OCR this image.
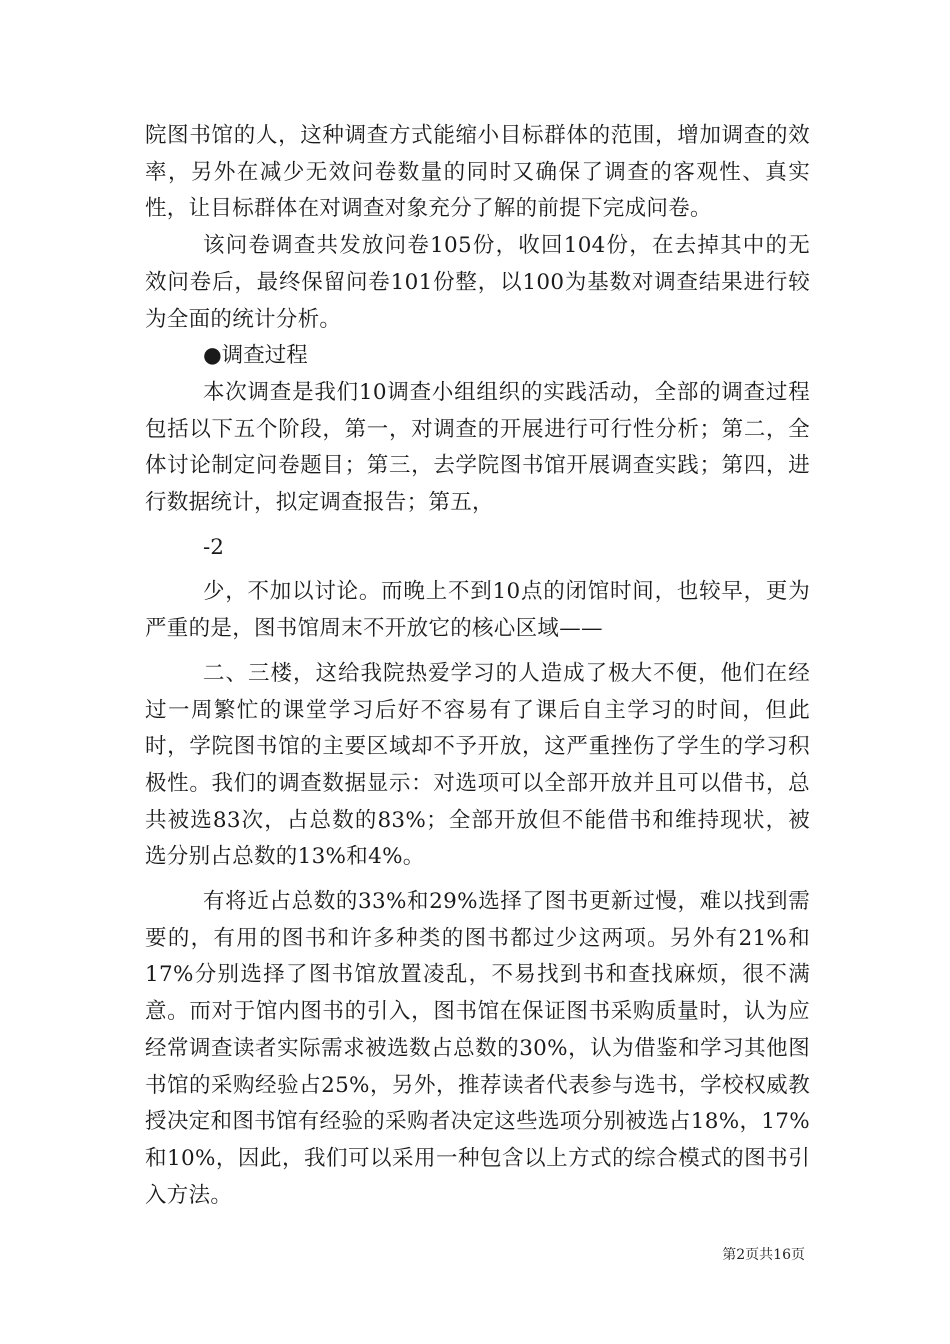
院图书馆的人，这种调查方式能缩小目标群体的范围，增加调查的效率，另外在减少无效问卷数量的同时又确保了调查的客观性、真实性，让目标群体在对调查对象充分了解的前提下完成问卷。

该问卷调查共发放问卷105份，收回104份，在去掉其中的无效问卷后，最终保留问卷101份整，以100为基数对调查结果进行较为全面的统计分析。

●调查过程

本次调查是我们10调查小组组织的实践活动，全部的调查过程包括以下五个阶段，第一，对调查的开展进行可行性分析；第二，全体讨论制定问卷题目；第三，去学院图书馆开展调查实践；第四，进行数据统计，拟定调查报告；第五，

-2

少，不加以讨论。而晚上不到10点的闭馆时间，也较早，更为严重的是，图书馆周末不开放它的核心区域——

二、三楼，这给我院热爱学习的人造成了极大不便，他们在经过一周繁忙的课堂学习后好不容易有了课后自主学习的时间，但此时，学院图书馆的主要区域却不予开放，这严重挫伤了学生的学习积极性。我们的调查数据显示：对选项可以全部开放并且可以借书，总共被选83次，占总数的83%；全部开放但不能借书和维持现状，被选分别占总数的13%和4%。

有将近占总数的33%和29%选择了图书更新过慢，难以找到需要的，有用的图书和许多种类的图书都过少这两项。另外有21%和17%分别选择了图书馆放置凌乱，不易找到书和查找麻烦，很不满意。而对于馆内图书的引入，图书馆在保证图书采购质量时，认为应经常调查读者实际需求被选数占总数的30%，认为借鉴和学习其他图书馆的采购经验占25%，另外，推荐读者代表参与选书，学校权威教授决定和图书馆有经验的采购者决定这些选项分别被选占18%，17%和10%，因此，我们可以采用一种包含以上方式的综合模式的图书引入方法。

第2页共16页
